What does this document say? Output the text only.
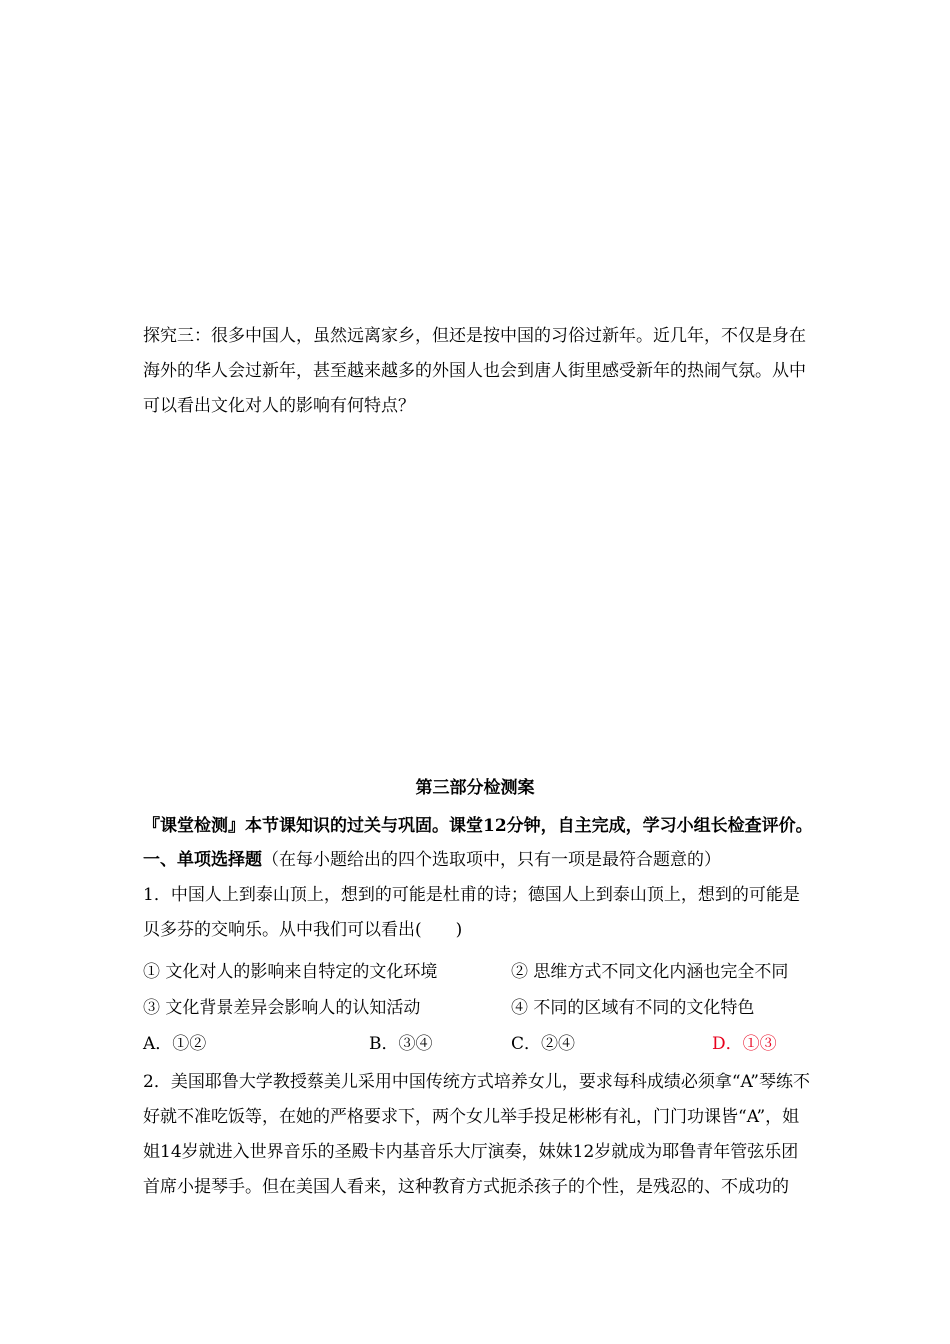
探究三：很多中国人，虽然远离家乡，但还是按中国的习俗过新年。近几年，不仅是身在海外的华人会过新年，甚至越来越多的外国人也会到唐人街里感受新年的热闹气氛。从中可以看出文化对人的影响有何特点？

第三部分检测案
『课堂检测』本节课知识的过关与巩固。课堂12分钟，自主完成，学习小组长检查评价。
一、单项选择题（在每小题给出的四个选取项中，只有一项是最符合题意的）

1．中国人上到泰山顶上，想到的可能是杜甫的诗；德国人上到泰山顶上，想到的可能是贝多芬的交响乐。从中我们可以看出(　　)

① 文化对人的影响来自特定的文化环境	② 思维方式不同文化内涵也完全不同
③ 文化背景差异会影响人的认知活动	④ 不同的区域有不同的文化特色
A．①②	B．③④	C．②④	D．①③

2．美国耶鲁大学教授蔡美儿采用中国传统方式培养女儿，要求每科成绩必须拿“A”琴练不好就不准吃饭等，在她的严格要求下，两个女儿举手投足彬彬有礼，门门功课皆“A”，姐姐14岁就进入世界音乐的圣殿卡内基音乐大厅演奏，妹妹12岁就成为耶鲁青年管弦乐团首席小提琴手。但在美国人看来，这种教育方式扼杀孩子的个性，是残忍的、不成功的
